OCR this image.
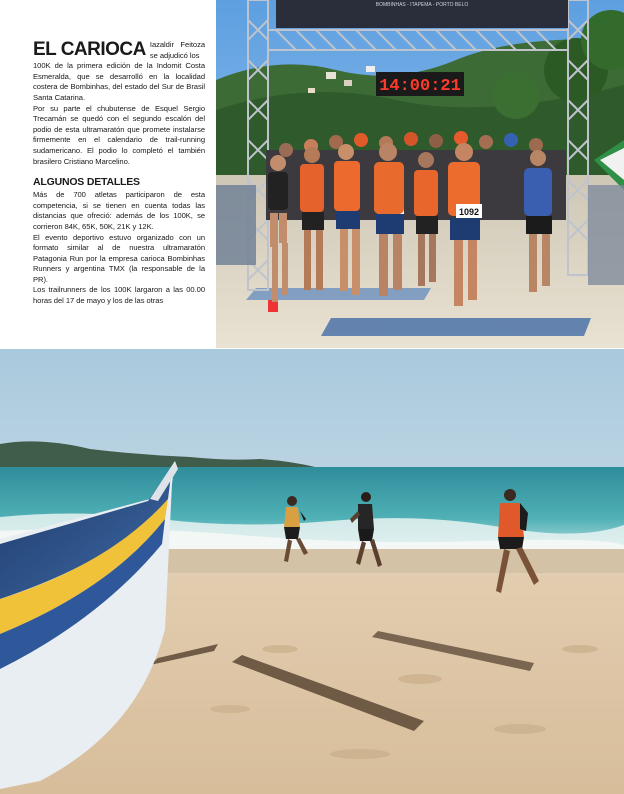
EL CARIOCA Iazaldir Feitoza se adjudicó los

100K de la primera edición de la Indomit Costa Esmeralda, que se desarrolló en la localidad costera de Bombinhas, del estado del Sur de Brasil Santa Catarina.

Por su parte el chubutense de Esquel Sergio Trecamán se quedó con el segundo escalón del podio de esta ultramaratón que promete instalarse firmemente en el calendario de trail-running sudamericano. El podio lo completó el también brasilero Cristiano Marcelino.

ALGUNOS DETALLES

Más de 700 atletas participaron de esta competencia, si se tienen en cuenta todas las distancias que ofreció: además de los 100K, se corrieron 84K, 65K, 50K, 21K y 12K.

El evento deportivo estuvo organizado con un formato similar al de nuestra ultramaratón Patagonia Run por la empresa carioca Bombinhas Runners y argentina TMX (la responsable de la PR).

Los trailrunners de los 100K largaron a las 00.00 horas del 17 de mayo y los de las otras

BOMBINHAS - ITAPEMA - PORTO BELO
14:00:21
1092
